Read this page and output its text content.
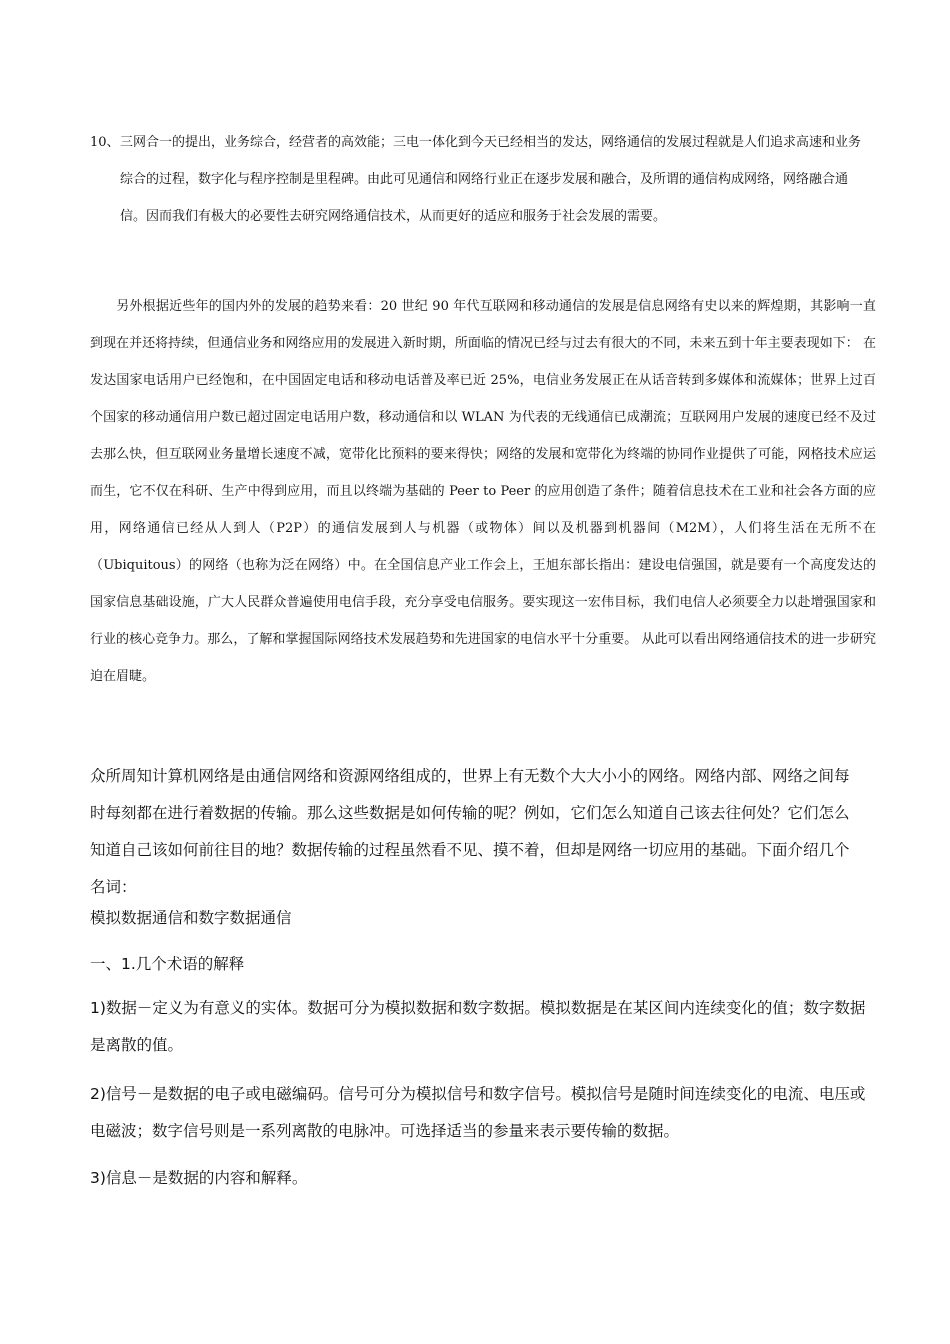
10、 三网合一的提出，业务综合，经营者的高效能；三电一体化到今天已经相当的发达，网络通信的发展过程就是人们追求高速和业务综合的过程，数字化与程序控制是里程碑。由此可见通信和网络行业正在逐步发展和融合，及所谓的通信构成网络，网络融合通信。因而我们有极大的必要性去研究网络通信技术，从而更好的适应和服务于社会发展的需要。
另外根据近些年的国内外的发展的趋势来看：20 世纪 90 年代互联网和移动通信的发展是信息网络有史以来的辉煌期，其影响一直到现在并还将持续，但通信业务和网络应用的发展进入新时期，所面临的情况已经与过去有很大的不同，未来五到十年主要表现如下： 在发达国家电话用户已经饱和，在中国固定电话和移动电话普及率已近 25%，电信业务发展正在从话音转到多媒体和流媒体；世界上过百个国家的移动通信用户数已超过固定电话用户数，移动通信和以 WLAN 为代表的无线通信已成潮流；互联网用户发展的速度已经不及过去那么快，但互联网业务量增长速度不减，宽带化比预料的要来得快；网络的发展和宽带化为终端的协同作业提供了可能，网格技术应运而生，它不仅在科研、生产中得到应用，而且以终端为基础的 Peer to Peer 的应用创造了条件；随着信息技术在工业和社会各方面的应用，网络通信已经从人到人（P2P）的通信发展到人与机器（或物体）间以及机器到机器间（M2M），人们将生活在无所不在（Ubiquitous）的网络（也称为泛在网络）中。在全国信息产业工作会上，王旭东部长指出：建设电信强国，就是要有一个高度发达的国家信息基础设施，广大人民群众普遍使用电信手段，充分享受电信服务。要实现这一宏伟目标，我们电信人必须要全力以赴增强国家和行业的核心竞争力。那么，了解和掌握国际网络技术发展趋势和先进国家的电信水平十分重要。 从此可以看出网络通信技术的进一步研究迫在眉睫。
众所周知计算机网络是由通信网络和资源网络组成的，世界上有无数个大大小小的网络。网络内部、网络之间每时每刻都在进行着数据的传输。那么这些数据是如何传输的呢？例如，它们怎么知道自己该去往何处？它们怎么知道自己该如何前往目的地？数据传输的过程虽然看不见、摸不着，但却是网络一切应用的基础。下面介绍几个名词：
模拟数据通信和数字数据通信
一、1.几个术语的解释
1)数据－定义为有意义的实体。数据可分为模拟数据和数字数据。模拟数据是在某区间内连续变化的值；数字数据是离散的值。
2)信号－是数据的电子或电磁编码。信号可分为模拟信号和数字信号。模拟信号是随时间连续变化的电流、电压或电磁波；数字信号则是一系列离散的电脉冲。可选择适当的参量来表示要传输的数据。
3)信息－是数据的内容和解释。
